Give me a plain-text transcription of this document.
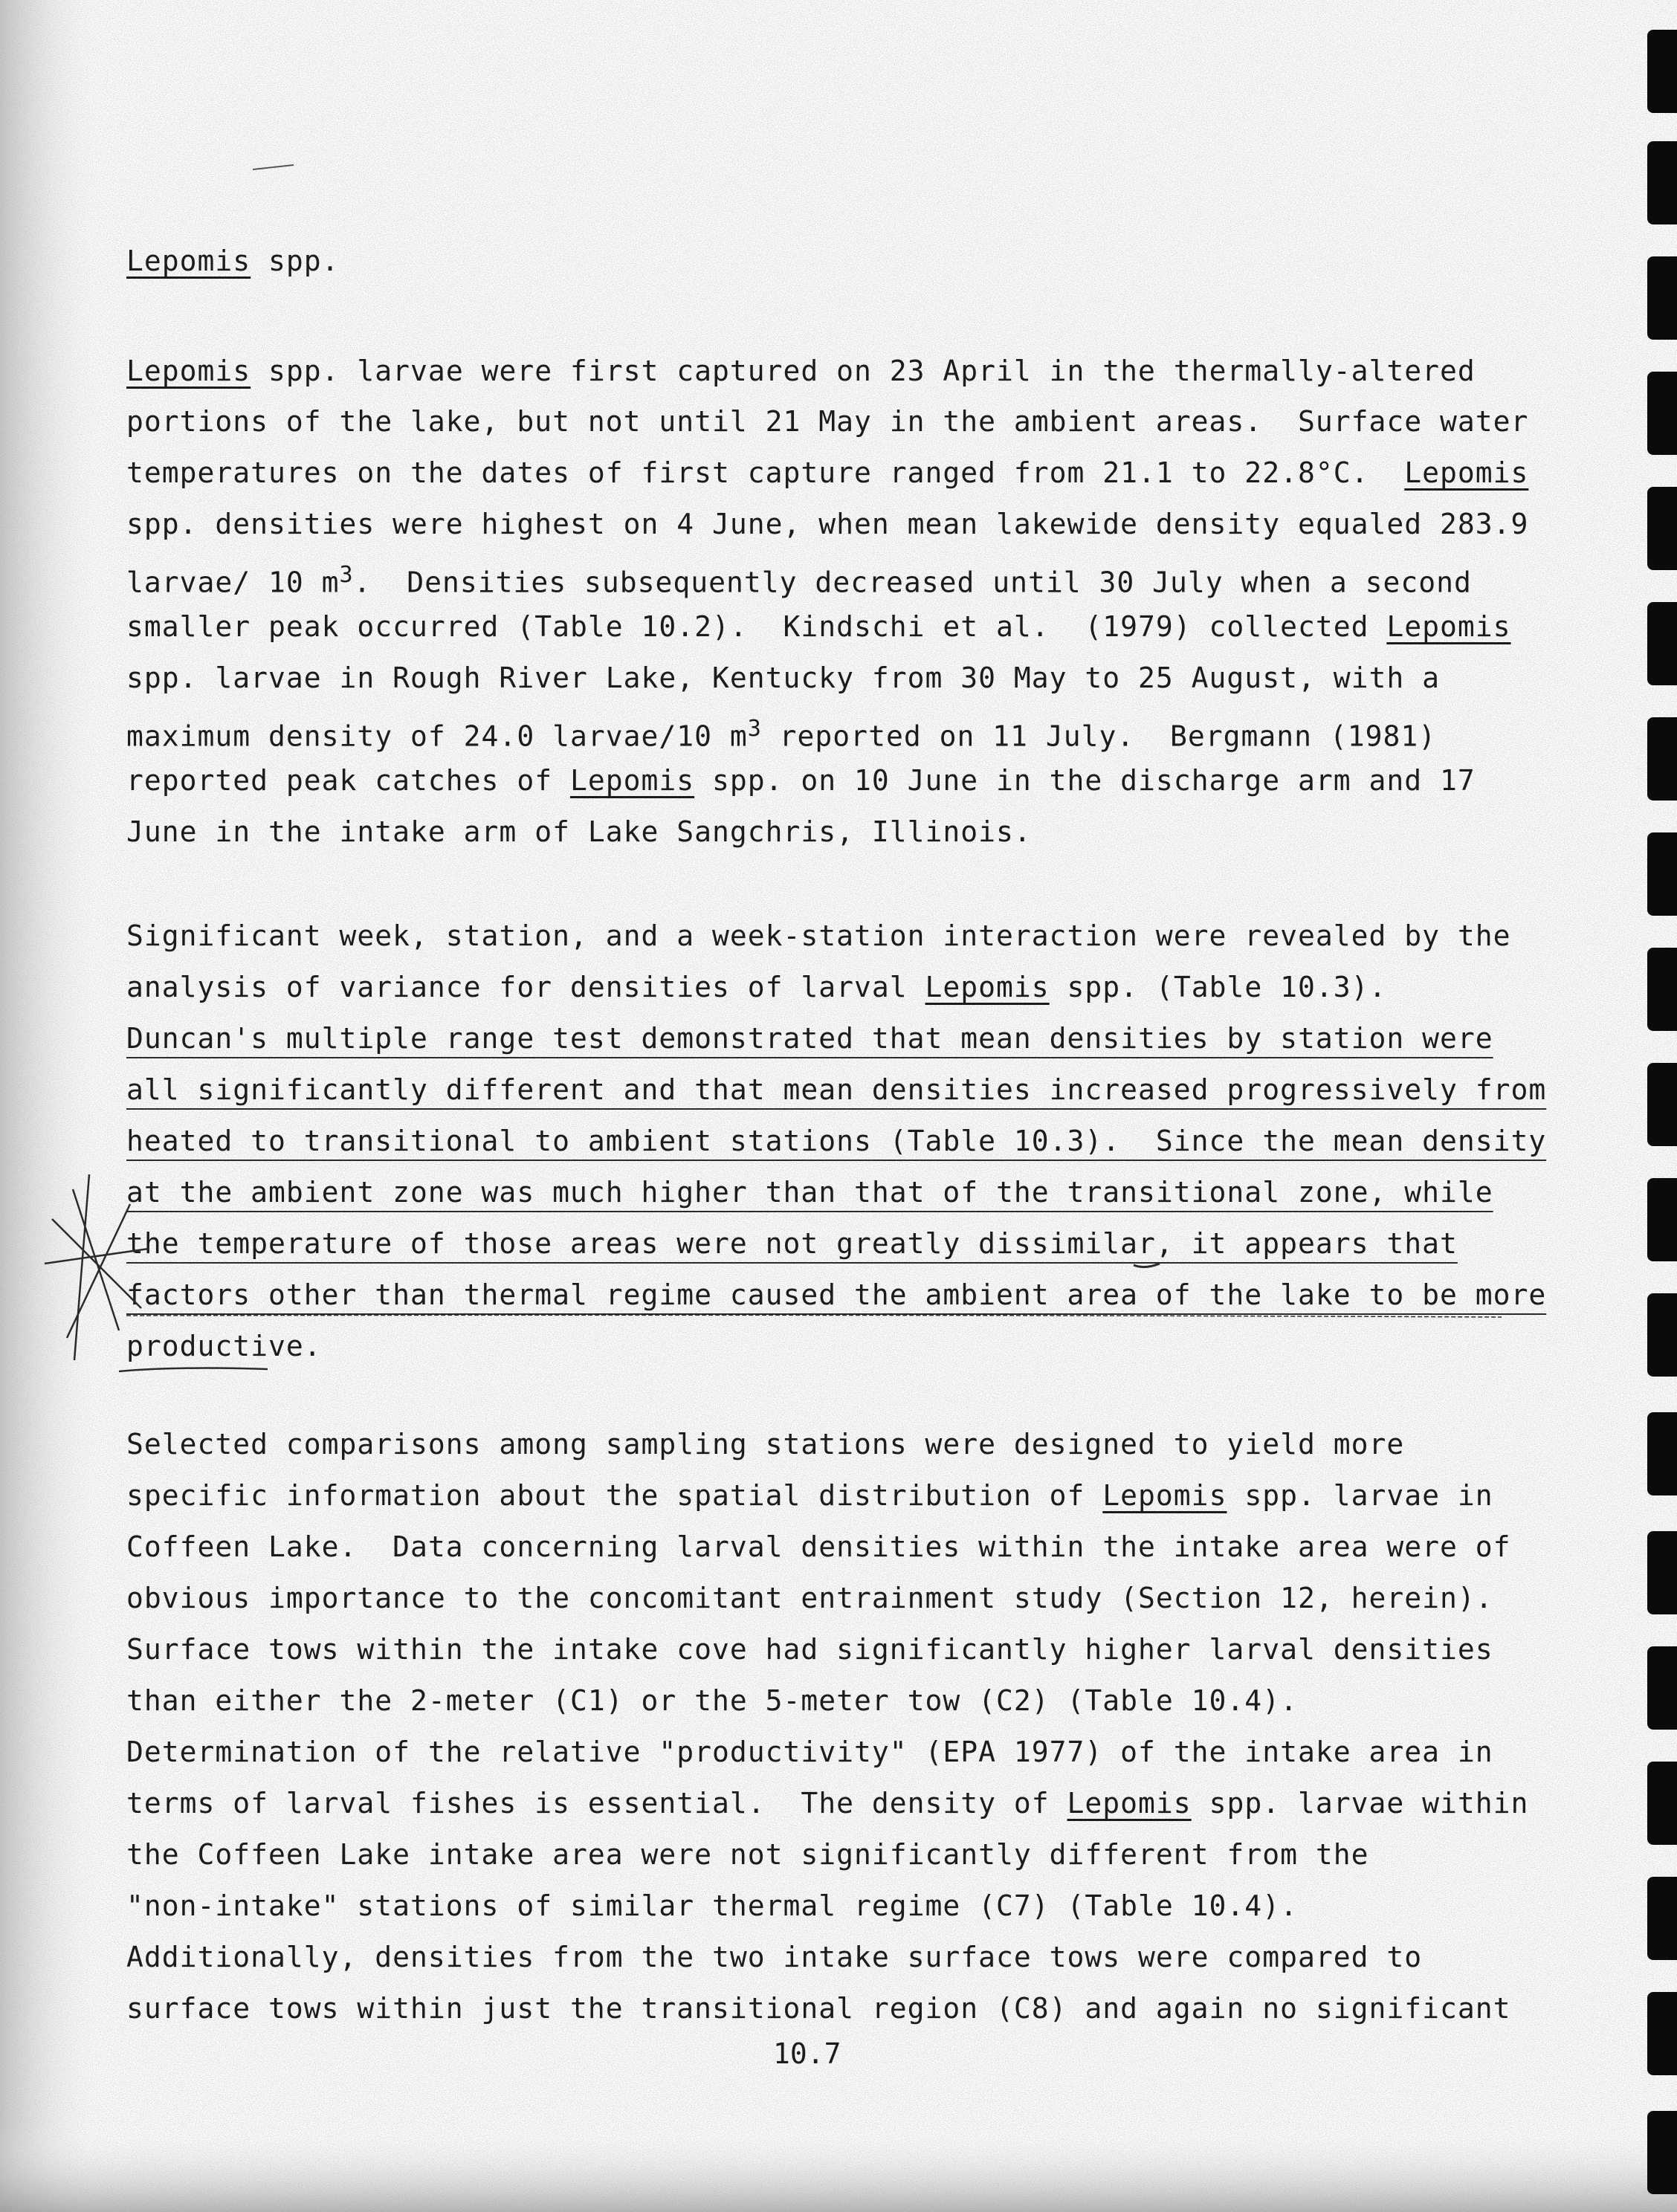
Lepomis spp.
Lepomis spp. larvae were first captured on 23 April in the thermally-altered
portions of the lake, but not until 21 May in the ambient areas.  Surface water
temperatures on the dates of first capture ranged from 21.1 to 22.8°C.  Lepomis
spp. densities were highest on 4 June, when mean lakewide density equaled 283.9
larvae/ 10 $m^3$.  Densities subsequently decreased until 30 July when a second
smaller peak occurred (Table 10.2).  Kindschi et al.  (1979) collected Lepomis
spp. larvae in Rough River Lake, Kentucky from 30 May to 25 August, with a
maximum density of 24.0 larvae/10 $m^3$ reported on 11 July.  Bergmann (1981)
reported peak catches of Lepomis spp. on 10 June in the discharge arm and 17
June in the intake arm of Lake Sangchris, Illinois.
Significant week, station, and a week-station interaction were revealed by the
analysis of variance for densities of larval Lepomis spp. (Table 10.3).
Duncan's multiple range test demonstrated that mean densities by station were
all significantly different and that mean densities increased progressively from
heated to transitional to ambient stations (Table 10.3).  Since the mean density
at the ambient zone was much higher than that of the transitional zone, while
the temperature of those areas were not greatly dissimilar, it appears that
factors other than thermal regime caused the ambient area of the lake to be more
productive.
Selected comparisons among sampling stations were designed to yield more
specific information about the spatial distribution of Lepomis spp. larvae in
Coffeen Lake.  Data concerning larval densities within the intake area were of
obvious importance to the concomitant entrainment study (Section 12, herein).
Surface tows within the intake cove had significantly higher larval densities
than either the 2-meter (C1) or the 5-meter tow (C2) (Table 10.4).
Determination of the relative "productivity" (EPA 1977) of the intake area in
terms of larval fishes is essential.  The density of Lepomis spp. larvae within
the Coffeen Lake intake area were not significantly different from the
"non-intake" stations of similar thermal regime (C7) (Table 10.4).
Additionally, densities from the two intake surface tows were compared to
surface tows within just the transitional region (C8) and again no significant
10.7
